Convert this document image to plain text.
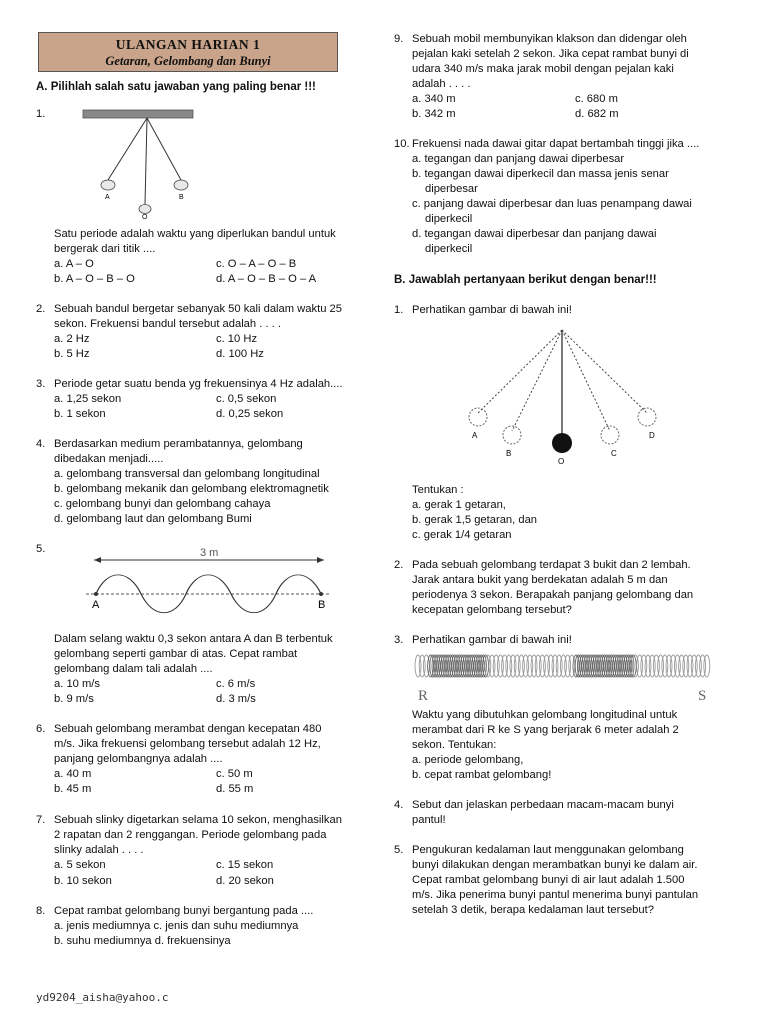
ULANGAN HARIAN 1
Getaran, Gelombang dan Bunyi
A. Pilihlah salah satu jawaban yang paling benar !!!
1.
A	B
O
Satu periode adalah waktu yang diperlukan bandul untuk
bergerak dari titik ....
a. A – O	c. O – A – O – B
b. A – O – B – O	d. A – O – B – O – A
2. Sebuah bandul bergetar sebanyak 50 kali dalam waktu 25
sekon. Frekuensi bandul tersebut adalah . . . .
a. 2 Hz	c. 10 Hz
b. 5 Hz	d. 100 Hz
3. Periode getar suatu benda yg frekuensinya 4 Hz adalah....
a. 1,25 sekon	c. 0,5 sekon
b. 1 sekon	d. 0,25 sekon
4. Berdasarkan medium perambatannya, gelombang
dibedakan menjadi.....
a. gelombang transversal dan gelombang longitudinal
b. gelombang mekanik dan gelombang elektromagnetik
c. gelombang bunyi dan gelombang cahaya
d. gelombang laut dan gelombang Bumi
5.	3 m
A	B
Dalam selang waktu 0,3 sekon antara A dan B terbentuk
gelombang seperti gambar di atas. Cepat rambat
gelombang dalam tali adalah ....
a. 10 m/s	c. 6 m/s
b. 9 m/s	d. 3 m/s
6. Sebuah gelombang merambat dengan kecepatan 480
m/s. Jika frekuensi gelombang tersebut adalah 12 Hz,
panjang gelombangnya adalah ....
a. 40 m	c. 50 m
b. 45 m	d. 55 m
7. Sebuah slinky digetarkan selama 10 sekon, menghasilkan
2 rapatan dan 2 renggangan. Periode gelombang pada
slinky adalah . . . .
a. 5 sekon	c. 15 sekon
b. 10 sekon	d. 20 sekon
8. Cepat rambat gelombang bunyi bergantung pada ....
a. jenis mediumnya c. jenis dan suhu mediumnya
b. suhu mediumnya d. frekuensinya
yd9204_aisha@yahoo.c
9. Sebuah mobil membunyikan klakson dan didengar oleh
pejalan kaki setelah 2 sekon. Jika cepat rambat bunyi di
udara 340 m/s maka jarak mobil dengan pejalan kaki
adalah . . . .
a. 340 m	c. 680 m
b. 342 m	d. 682 m
10. Frekuensi nada dawai gitar dapat bertambah tinggi jika ....
a. tegangan dan panjang dawai diperbesar
b. tegangan dawai diperkecil dan massa jenis senar
diperbesar
c. panjang dawai diperbesar dan luas penampang dawai
diperkecil
d. tegangan dawai diperbesar dan panjang dawai
diperkecil
B. Jawablah pertanyaan berikut dengan benar!!!
1. Perhatikan gambar di bawah ini!
A
B
O
C
D
Tentukan :
a. gerak 1 getaran,
b. gerak 1,5 getaran, dan
c. gerak 1/4 getaran
2. Pada sebuah gelombang terdapat 3 bukit dan 2 lembah.
Jarak antara bukit yang berdekatan adalah 5 m dan
periodenya 3 sekon. Berapakah panjang gelombang dan
kecepatan gelombang tersebut?
3. Perhatikan gambar di bawah ini!
R	S
Waktu yang dibutuhkan gelombang longitudinal untuk
merambat dari R ke S yang berjarak 6 meter adalah 2
sekon. Tentukan:
a. periode gelombang,
b. cepat rambat gelombang!
4. Sebut dan jelaskan perbedaan macam-macam bunyi
pantul!
5. Pengukuran kedalaman laut menggunakan gelombang
bunyi dilakukan dengan merambatkan bunyi ke dalam air.
Cepat rambat gelombang bunyi di air laut adalah 1.500
m/s. Jika penerima bunyi pantul menerima bunyi pantulan
setelah 3 detik, berapa kedalaman laut tersebut?
